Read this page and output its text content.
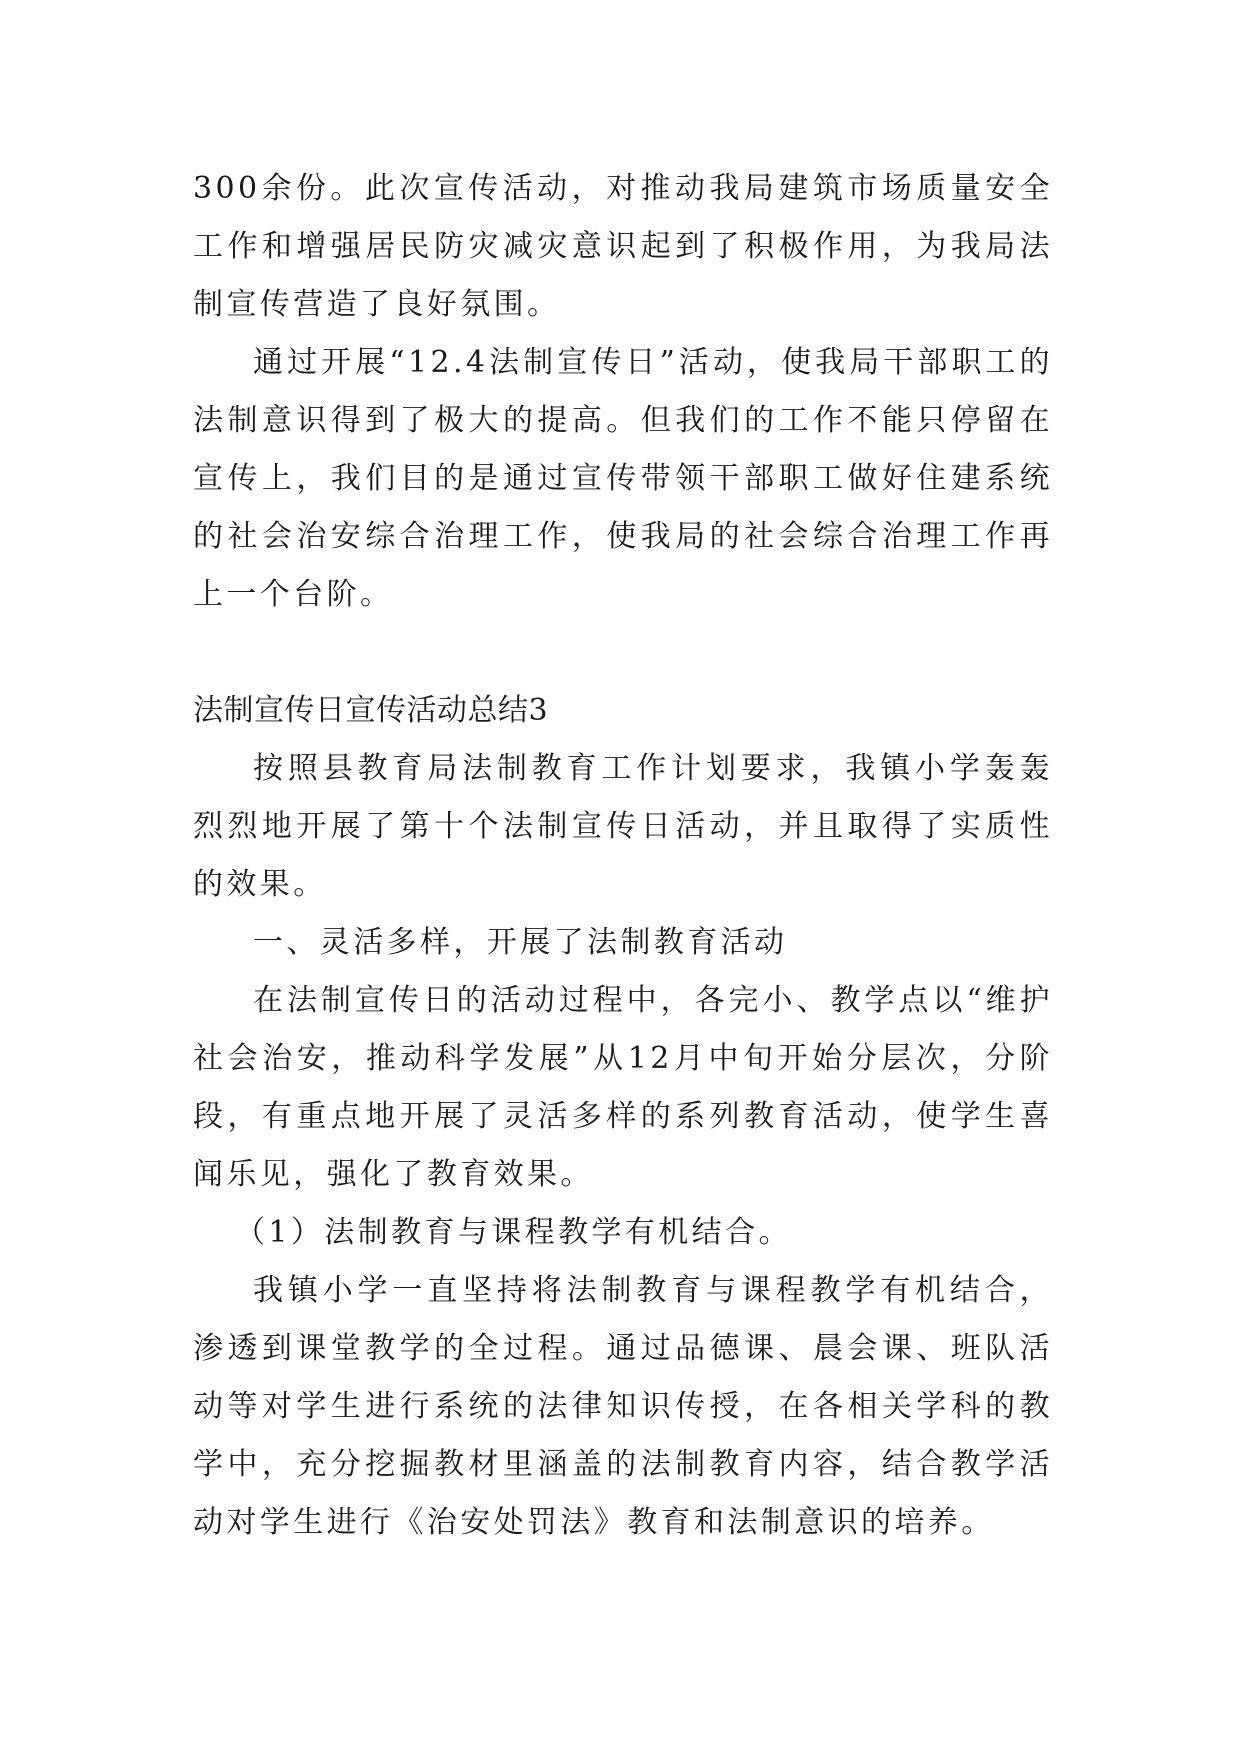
300余份。此次宣传活动，对推动我局建筑市场质量安全工作和增强居民防灾减灾意识起到了积极作用，为我局法制宣传营造了良好氛围。

通过开展“12.4法制宣传日”活动，使我局干部职工的法制意识得到了极大的提高。但我们的工作不能只停留在宣传上，我们目的是通过宣传带领干部职工做好住建系统的社会治安综合治理工作，使我局的社会综合治理工作再上一个台阶。

法制宣传日宣传活动总结3

按照县教育局法制教育工作计划要求，我镇小学轰轰烈烈地开展了第十个法制宣传日活动，并且取得了实质性的效果。

一、灵活多样，开展了法制教育活动

在法制宣传日的活动过程中，各完小、教学点以“维护社会治安，推动科学发展”从12月中旬开始分层次，分阶段，有重点地开展了灵活多样的系列教育活动，使学生喜闻乐见，强化了教育效果。

（1）法制教育与课程教学有机结合。

我镇小学一直坚持将法制教育与课程教学有机结合，渗透到课堂教学的全过程。通过品德课、晨会课、班队活动等对学生进行系统的法律知识传授，在各相关学科的教学中，充分挖掘教材里涵盖的法制教育内容，结合教学活动对学生进行《治安处罚法》教育和法制意识的培养。
